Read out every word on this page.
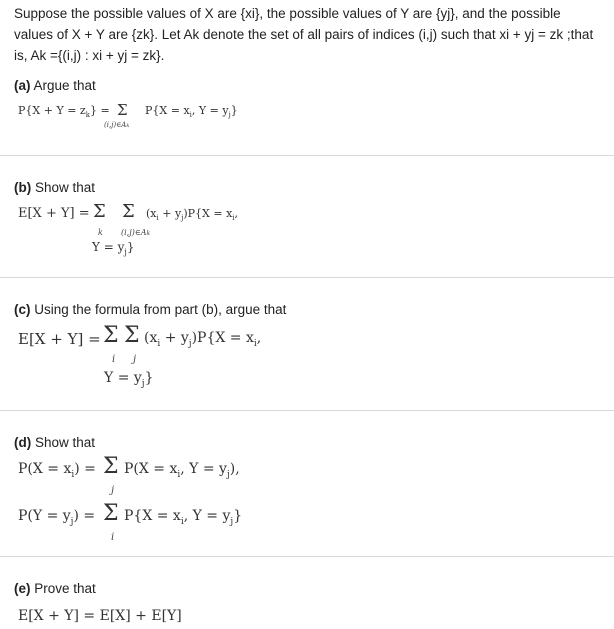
Suppose the possible values of X are {xi}, the possible values of Y are {yj}, and the possible
values of X + Y are {zk}. Let Ak denote the set of all pairs of indices (i,j) such that xi + yj = zk ;that
is, Ak ={(i,j) : xi + yj = zk}.
(a) Argue that
$P\{X + Y = z_k\} = \Sigma$ $P\{X = x_i$, $Y = y_j$}
(i,j)∈Ak
(b) Show that
E[X + Y] = Σ Σ $(x_i + y_j)P\{X = x_i$,
k (i,j)∈Ak
$Y = y_j$}
(c) Using the formula from part (b), argue that
E[X + Y] = Σ Σ $(x_i + y_j)P\{X = x_i$,
i j
$Y = y_j$}
(d) Show that
$P(X = x_i) = \Sigma$ $P(X = x_i$, $Y = y_j$),
j
$P(Y = y_j) = \Sigma$ $P\{X = x_i$, $Y = y_j$}
i
(e) Prove that
E[X + Y] = E[X] + E[Y]
